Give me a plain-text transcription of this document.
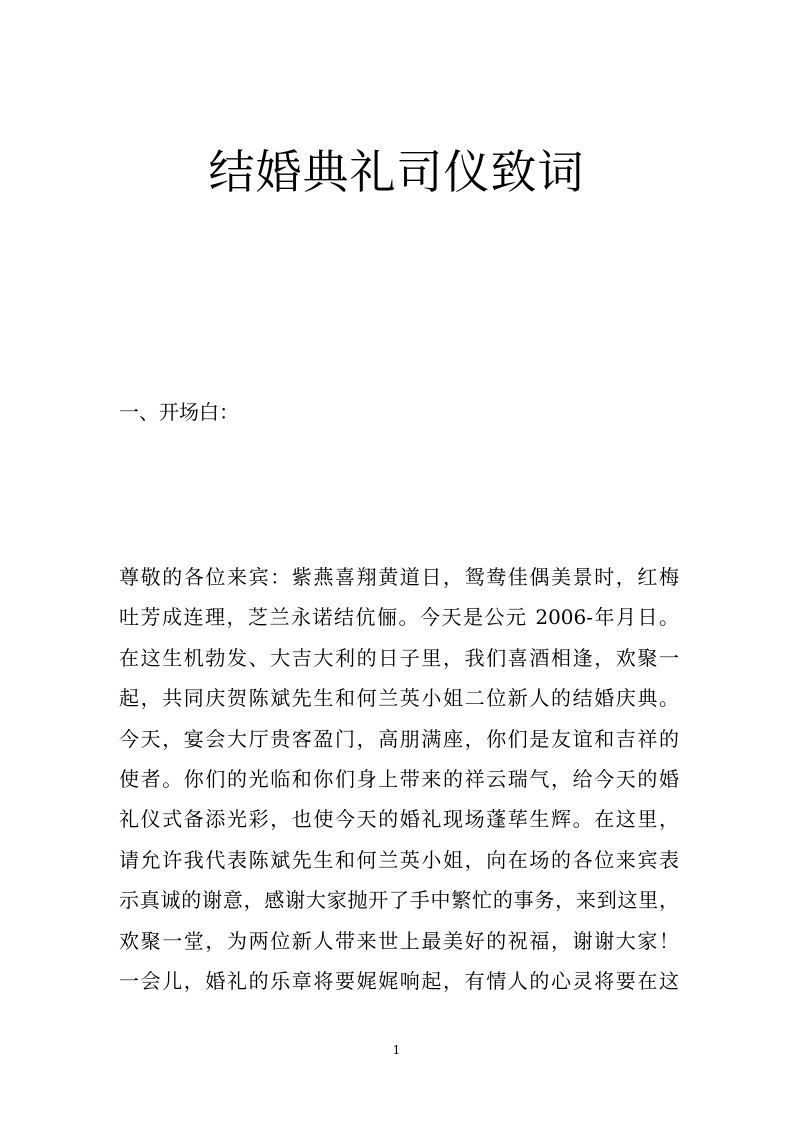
结婚典礼司仪致词

一、开场白：

尊敬的各位来宾：紫燕喜翔黄道日，鸳鸯佳偶美景时，红梅
吐芳成连理，芝兰永诺结伉俪。今天是公元 2006-年月日。
在这生机勃发、大吉大利的日子里，我们喜酒相逢，欢聚一
起，共同庆贺陈斌先生和何兰英小姐二位新人的结婚庆典。
今天，宴会大厅贵客盈门，高朋满座，你们是友谊和吉祥的
使者。你们的光临和你们身上带来的祥云瑞气，给今天的婚
礼仪式备添光彩，也使今天的婚礼现场蓬荜生辉。在这里，
请允许我代表陈斌先生和何兰英小姐，向在场的各位来宾表
示真诚的谢意，感谢大家抛开了手中繁忙的事务，来到这里，
欢聚一堂，为两位新人带来世上最美好的祝福，谢谢大家！
一会儿，婚礼的乐章将要娓娓响起，有情人的心灵将要在这
1
